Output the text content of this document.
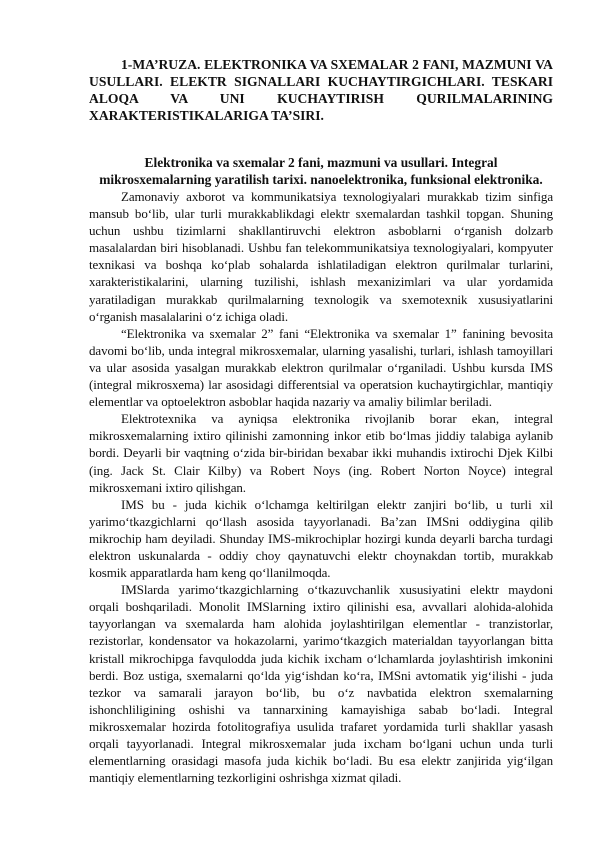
1-MA’RUZA. ELEKTRONIKA VA SXEMALAR 2 FANI, MAZMUNI VA USULLARI. ELEKTR SIGNALLARI KUCHAYTIRGICHLARI. TESKARI ALOQA VA UNI KUCHAYTIRISH QURILMALARINING XARAKTERISTIKALARIGA TA’SIRI.

Elektronika va sxemalar 2 fani, mazmuni va usullari. Integral mikrosxemalarning yaratilish tarixi. nanoelektronika, funksional elektronika.

Zamonaviy axborot va kommunikatsiya texnologiyalari murakkab tizim sinfiga mansub bo‘lib, ular turli murakkablikdagi elektr sxemalardan tashkil topgan. Shuning uchun ushbu tizimlarni shakllantiruvchi elektron asboblarni o‘rganish dolzarb masalalardan biri hisoblanadi. Ushbu fan telekommunikatsiya texnologiyalari, kompyuter texnikasi va boshqa ko‘plab sohalarda ishlatiladigan elektron qurilmalar turlarini, xarakteristikalarini, ularning tuzilishi, ishlash mexanizimlari va ular yordamida yaratiladigan murakkab qurilmalarning texnologik va sxemotexnik xususiyatlarini o‘rganish masalalarini o‘z ichiga oladi.

“Elektronika va sxemalar 2” fani “Elektronika va sxemalar 1” fanining bevosita davomi bo‘lib, unda integral mikrosxemalar, ularning yasalishi, turlari, ishlash tamoyillari va ular asosida yasalgan murakkab elektron qurilmalar o‘rganiladi. Ushbu kursda IMS (integral mikrosxema) lar asosidagi differentsial va operatsion kuchaytirgichlar, mantiqiy elementlar va optoelektron asboblar haqida nazariy va amaliy bilimlar beriladi.

Elektrotexnika va ayniqsa elektronika rivojlanib borar ekan, integral mikrosxemalarning ixtiro qilinishi zamonning inkor etib bo‘lmas jiddiy talabiga aylanib bordi. Deyarli bir vaqtning o‘zida bir-biridan bexabar ikki muhandis ixtirochi Djek Kilbi (ing. Jack St. Clair Kilby) va Robert Noys (ing. Robert Norton Noyce) integral mikrosxemani ixtiro qilishgan.

IMS bu - juda kichik o‘lchamga keltirilgan elektr zanjiri bo‘lib, u turli xil yarimo‘tkazgichlarni qo‘llash asosida tayyorlanadi. Ba’zan IMSni oddiygina qilib mikrochip ham deyiladi. Shunday IMS-mikrochiplar hozirgi kunda deyarli barcha turdagi elektron uskunalarda - oddiy choy qaynatuvchi elektr choynakdan tortib, murakkab kosmik apparatlarda ham keng qo‘llanilmoqda.

IMSlarda yarimo‘tkazgichlarning o‘tkazuvchanlik xususiyatini elektr maydoni orqali boshqariladi. Monolit IMSlarning ixtiro qilinishi esa, avvallari alohida-alohida tayyorlangan va sxemalarda ham alohida joylashtirilgan elementlar - tranzistorlar, rezistorlar, kondensator va hokazolarni, yarimo‘tkazgich materialdan tayyorlangan bitta kristall mikrochipga favqulodda juda kichik ixcham o‘lchamlarda joylashtirish imkonini berdi. Boz ustiga, sxemalarni qo‘lda yig‘ishdan ko‘ra, IMSni avtomatik yig‘ilishi - juda tezkor va samarali jarayon bo‘lib, bu o‘z navbatida elektron sxemalarning ishonchliligining oshishi va tannarxining kamayishiga sabab bo‘ladi. Integral mikrosxemalar hozirda fotolitografiya usulida trafaret yordamida turli shakllar yasash orqali tayyorlanadi. Integral mikrosxemalar juda ixcham bo‘lgani uchun unda turli elementlarning orasidagi masofa juda kichik bo‘ladi. Bu esa elektr zanjirida yig‘ilgan mantiqiy elementlarning tezkorligini oshrishga xizmat qiladi.
